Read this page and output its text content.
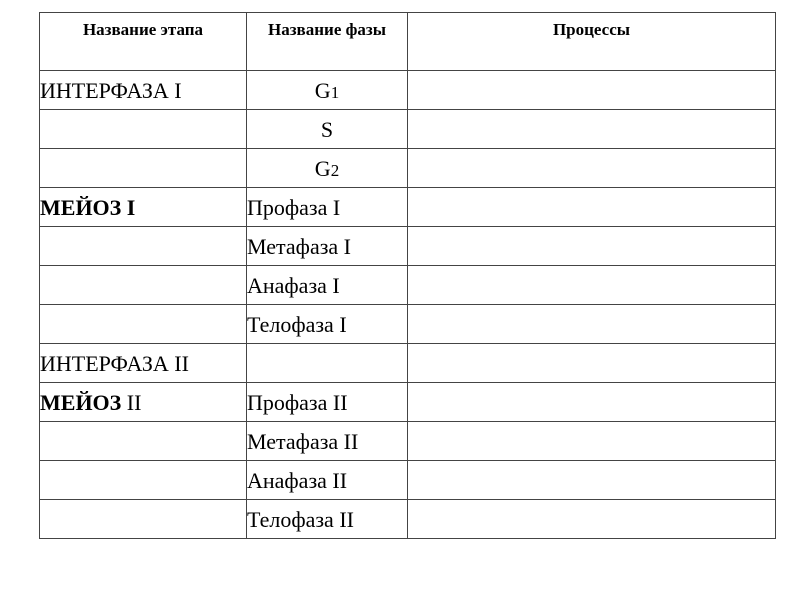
Название этапа	Название фазы	Процессы
ИНТЕРФАЗА I	G1	
	S	
	G2	
МЕЙОЗ I	Профаза I	
	Метафаза I	
	Анафаза I	
	Телофаза I	
ИНТЕРФАЗА II		
МЕЙОЗ II	Профаза II	
	Метафаза II	
	Анафаза II	
	Телофаза II	
